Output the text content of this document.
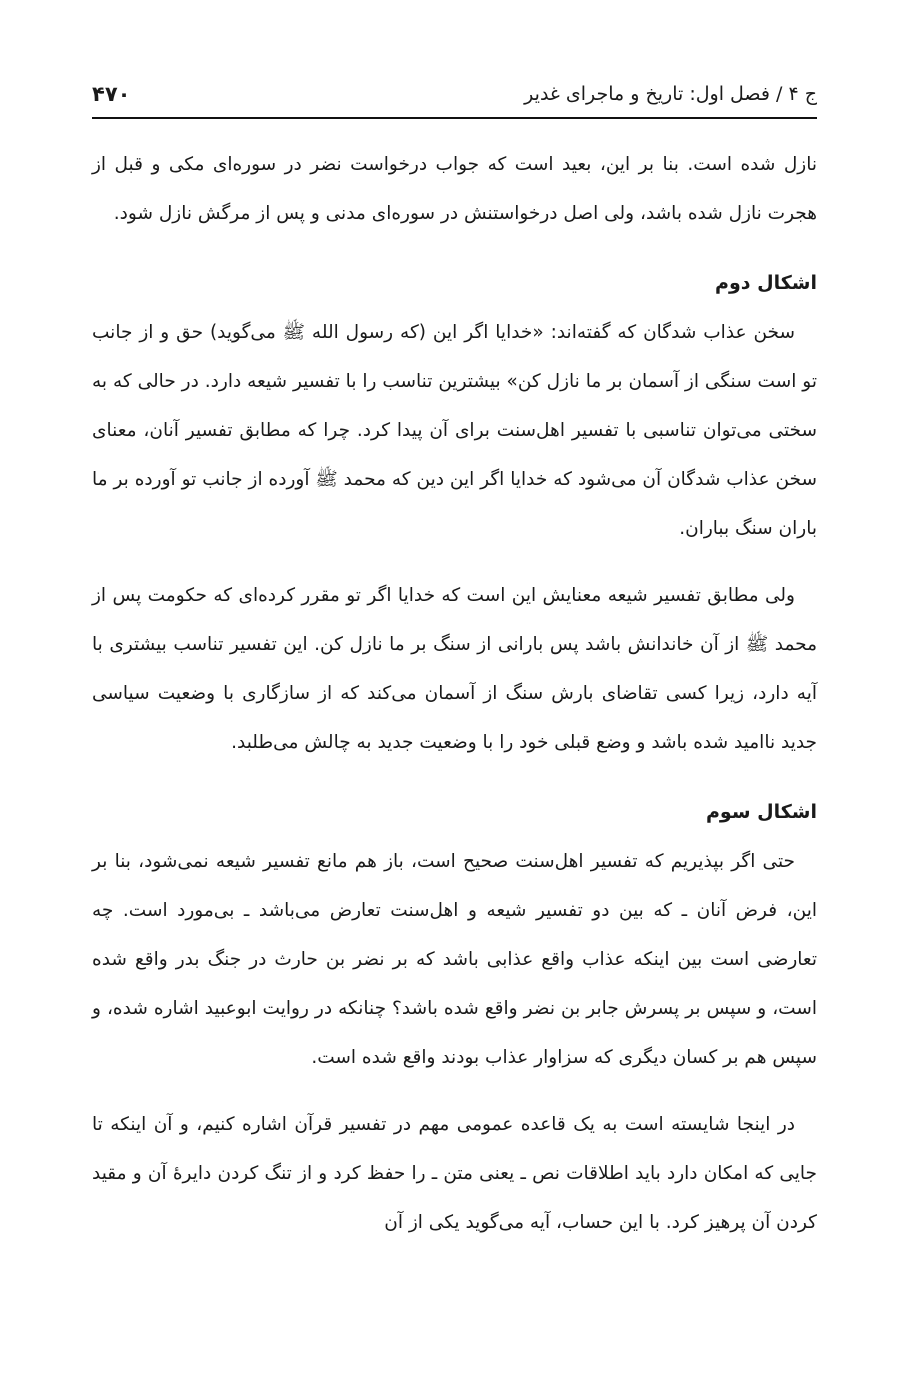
ج ۴ / فصل اول: تاریخ و ماجرای غدیر
۴۷۰

نازل شده است. بنا بر این، بعید است که جواب درخواست نضر در سوره‌ای مکی و قبل از هجرت نازل شده باشد، ولی اصل درخواستنش در سوره‌ای مدنی و پس از مرگش نازل شود.

اشکال دوم

سخن عذاب شدگان که گفته‌اند: «خدایا اگر این (که رسول الله ﷺ می‌گوید) حق و از جانب تو است سنگی از آسمان بر ما نازل کن» بیشترین تناسب را با تفسیر شیعه دارد. در حالی که به سختی می‌توان تناسبی با تفسیر اهل‌سنت برای آن پیدا کرد. چرا که مطابق تفسیر آنان، معنای سخن عذاب شدگان آن می‌شود که خدایا اگر این دین که محمد ﷺ آورده از جانب تو آورده بر ما باران سنگ بباران.

ولی مطابق تفسیر شیعه معنایش این است که خدایا اگر تو مقرر کرده‌ای که حکومت پس از محمد ﷺ از آن خاندانش باشد پس بارانی از سنگ بر ما نازل کن. این تفسیر تناسب بیشتری با آیه دارد، زیرا کسی تقاضای بارش سنگ از آسمان می‌کند که از سازگاری با وضعیت سیاسی جدید ناامید شده باشد و وضع قبلی خود را با وضعیت جدید به چالش می‌طلبد.

اشکال سوم

حتی اگر بپذیریم که تفسیر اهل‌سنت صحیح است، باز هم مانع تفسیر شیعه نمی‌شود، بنا بر این، فرض آنان ـ که بین دو تفسیر شیعه و اهل‌سنت تعارض می‌باشد ـ بی‌مورد است. چه تعارضی است بین اینکه عذاب واقع عذابی باشد که بر نضر بن حارث در جنگ بدر واقع شده است، و سپس بر پسرش جابر بن نضر واقع شده باشد؟ چنانکه در روایت ابوعبید اشاره شده، و سپس هم بر کسان دیگری که سزاوار عذاب بودند واقع شده است.

در اینجا شایسته است به یک قاعده عمومی مهم در تفسیر قرآن اشاره کنیم، و آن اینکه تا جایی که امکان دارد باید اطلاقات نص ـ یعنی متن ـ را حفظ کرد و از تنگ کردن دایرهٔ آن و مقید کردن آن پرهیز کرد. با این حساب، آیه می‌گوید یکی از آن
